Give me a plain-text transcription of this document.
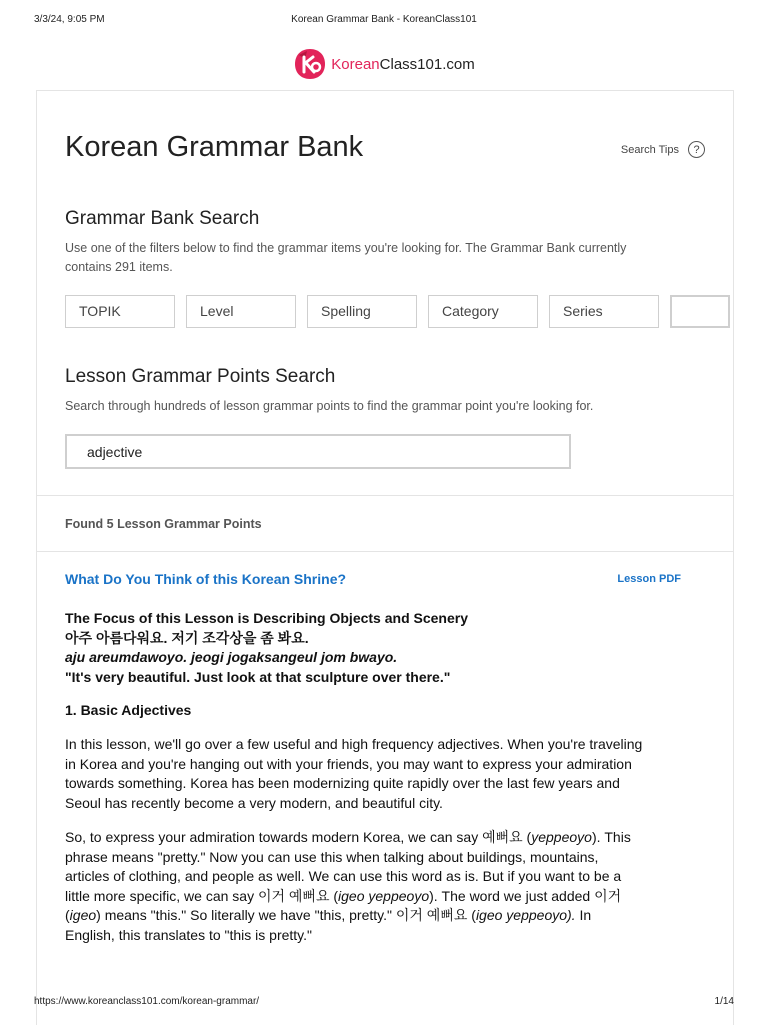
3/3/24, 9:05 PM	Korean Grammar Bank - KoreanClass101
KoreanClass101.com
Korean Grammar Bank	Search Tips	?
Grammar Bank Search
Use one of the filters below to find the grammar items you're looking for. The Grammar Bank currently contains 291 items.
TOPIK	Level	Spelling	Category	Series
Lesson Grammar Points Search
Search through hundreds of lesson grammar points to find the grammar point you're looking for.
adjective
Found 5 Lesson Grammar Points
What Do You Think of this Korean Shrine?	Lesson PDF
The Focus of this Lesson is Describing Objects and Scenery
아주 아름다워요. 저기 조각상을 좀 봐요.
aju areumdawoyo. jeogi jogaksangeul jom bwayo.
"It's very beautiful. Just look at that sculpture over there."
1. Basic Adjectives
In this lesson, we'll go over a few useful and high frequency adjectives. When you're traveling in Korea and you're hanging out with your friends, you may want to express your admiration towards something. Korea has been modernizing quite rapidly over the last few years and Seoul has recently become a very modern, and beautiful city.
So, to express your admiration towards modern Korea, we can say 예뻐요 (yeppeoyo). This phrase means "pretty." Now you can use this when talking about buildings, mountains, articles of clothing, and people as well. We can use this word as is. But if you want to be a little more specific, we can say 이거 예뻐요 (igeo yeppeoyo). The word we just added 이거 (igeo) means "this." So literally we have "this, pretty." 이거 예뻐요 (igeo yeppeoyo). In English, this translates to "this is pretty."
https://www.koreanclass101.com/korean-grammar/	1/14
